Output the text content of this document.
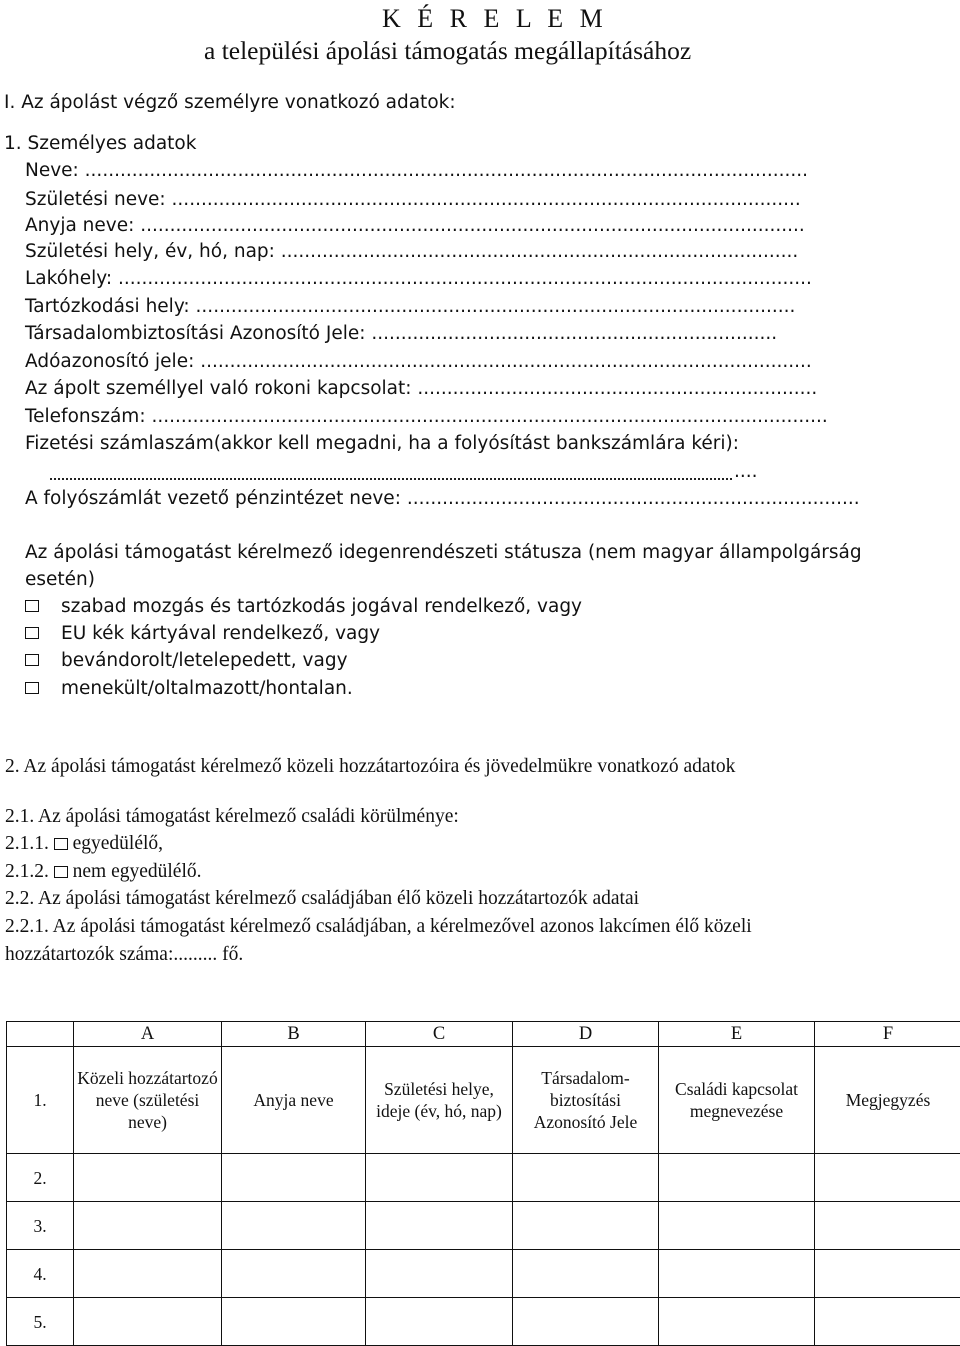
K É R E L E M
a települési ápolási támogatás megállapításához
I. Az ápolást végző személyre vonatkozó adatok:
1. Személyes adatok
Neve: ...........................................................................................................................
Születési neve: ...........................................................................................................
Anyja neve: .................................................................................................................
Születési hely, év, hó, nap: ........................................................................................
Lakóhely: ......................................................................................................................
Tartózkodási hely: ......................................................................................................
Társadalombiztosítási Azonosító Jele: .....................................................................
Adóazonosító jele: ........................................................................................................
Az ápolt személlyel való rokoni kapcsolat: ....................................................................
Telefonszám: ...................................................................................................................
Fizetési számlaszám(akkor kell megadni, ha a folyósítást bankszámlára kéri):
....
A folyószámlát vezető pénzintézet neve: .............................................................................
Az ápolási támogatást kérelmező idegenrendészeti státusza (nem magyar állampolgárság
esetén)
szabad mozgás és tartózkodás jogával rendelkező, vagy
EU kék kártyával rendelkező, vagy
bevándorolt/letelepedett, vagy
menekült/oltalmazott/hontalan.
2. Az ápolási támogatást kérelmező közeli hozzátartozóira és jövedelmükre vonatkozó adatok
2.1. Az ápolási támogatást kérelmező családi körülménye:
2.1.1. egyedülélő,
2.1.2. nem egyedülélő.
2.2. Az ápolási támogatást kérelmező családjában élő közeli hozzátartozók adatai
2.2.1. Az ápolási támogatást kérelmező családjában, a kérelmezővel azonos lakcímen élő közeli
hozzátartozók száma:......... fő.
	A	B	C	D	E	F
1.	Közeli hozzátartozó neve (születési neve)	Anyja neve	Születési helye, ideje (év, hó, nap)	Társadalom-biztosítási Azonosító Jele	Családi kapcsolat megnevezése	Megjegyzés
2.						
3.						
4.						
5.						
